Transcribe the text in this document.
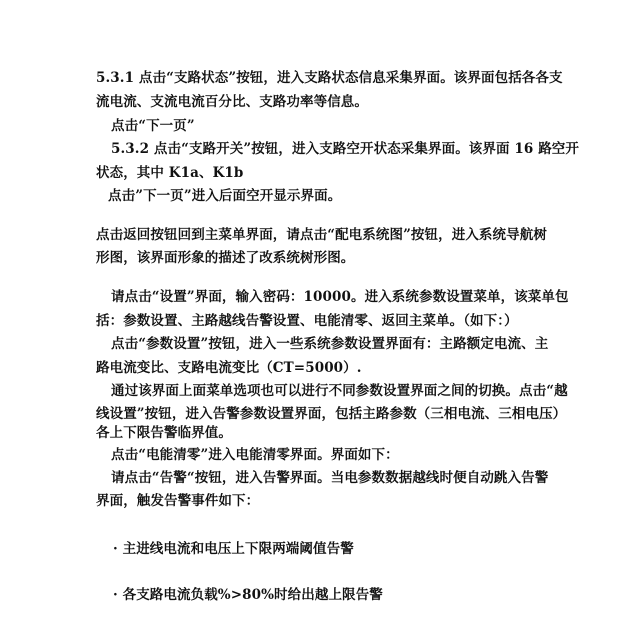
5.3.1 点击“支路状态”按钮，进入支路状态信息采集界面。该界面包括各各支
流电流、支流电流百分比、支路功率等信息。
点击“下一页”
5.3.2 点击“支路开关”按钮，进入支路空开状态采集界面。该界面 16 路空开
状态，其中 K1a、K1b
点击”下一页”进入后面空开显示界面。
点击返回按钮回到主菜单界面，请点击“配电系统图”按钮，进入系统导航树
形图，该界面形象的描述了改系统树形图。
请点击“设置”界面，输入密码：10000。进入系统参数设置菜单，该菜单包
括：参数设置、主路越线告警设置、电能清零、返回主菜单。（如下：）
点击“参数设置”按钮，进入一些系统参数设置界面有：主路额定电流、主
路电流变比、支路电流变比（CT=5000）.
通过该界面上面菜单选项也可以进行不同参数设置界面之间的切换。点击“越
线设置”按钮，进入告警参数设置界面，包括主路参数（三相电流、三相电压）
各上下限告警临界值。
点击“电能清零”进入电能清零界面。界面如下：
请点击“告警“按钮，进入告警界面。当电参数数据越线时便自动跳入告警
界面，触发告警事件如下：
· 主进线电流和电压上下限两端阈值告警
· 各支路电流负载%>80%时给出越上限告警
